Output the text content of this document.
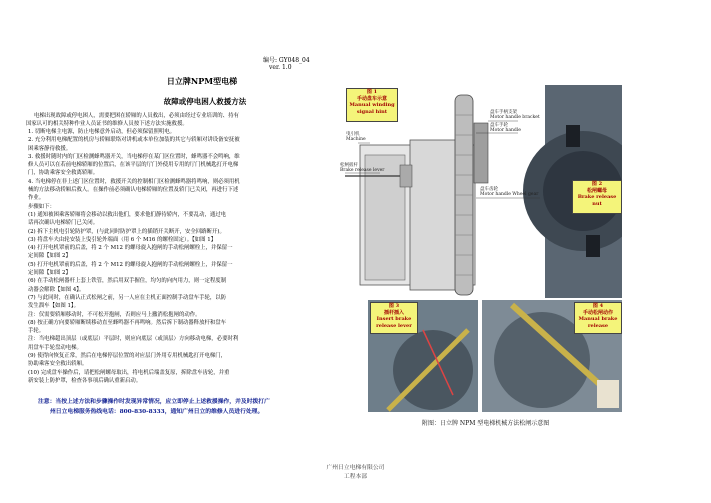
编号: GY048_04
ver. 1.0
日立牌NPM型电梯
故障或停电困人救援方法
电梯出现故障或停电困人，需要把困在轿厢的人员救出，必须由经过专业培训的、持有
国家认可的相关特种作业人员证书的维修人员按下述方法实施救援。
1. 切断电梯主电源，防止电梯意外启动，但必须保留照明电。
2. 充分利用电梯配置的机房与轿厢联络对讲机或本单位加装的其它与轿厢对讲设备安抚被
困乘客静待救援。
3. 救援时随时内的门区检测蜂鸣器开关，当电梯停在某门区位置时，蜂鸣器不会鸣响，维
修人员可以在若前电梯轿厢的位置后，在该平层的厅门外使用专用的厅门机械匙打开电梯
门，协助乘客安全救离轿厢。
4. 当电梯停在非上述门区位置时，救援开关的控制相门区检测蜂鸣器将鸣响，则必须用机
械的方法移动轿厢后救人。在操作前必须确认电梯轿厢的位置及轿门已关闭，再进行下述
作业。
步骤如下：
(1) 通知被困乘客轿厢将会移动以救出他们，要求他们静待轿内，不要乱动，通过电
话再次确认电梯轿门已关闭。
(2) 拆下主机电引轮防护罩，(与此同时防护罩上的插销开关断开，安全回路断开)。
(3) 将盘车夫由轮安装上曳引轮外端面（用 6 个 M16 的螺栓固定）。【如图 1】
(4) 打开电机罩前的后盖，将 2 个 M12 的螺母旋入抱闸的手动松闸螺栓上，并保留一
定间隙【如图 2】
(5) 打开电机罩前的后盖，将 2 个 M12 的螺母旋入抱闸的手动松闸螺栓上，并保留一
定间隙【如图 2】
(6) 在手动松闸器杆上套上铁管，然后用双手握住，均匀的向内用力，则一定程度制
动器会解除【如图 4】。
(7) 与此同时，在确认正式松闸之前，另一人应在主机正面控制手动盘车手轮，以防
发生溜车【如图 1】。
注：仅需要轿厢移动时，不可松开抱闸，否则应马上撤消松抱闸的动作。
(8) 按正确方向要轿厢断续移动直至蜂鸣器不再鸣响。然后拆下制动器释放杆和盘车
手轮。
注：当电梯超出顶层（或底层）平层时，则应向底层（或顶层）方向移动电梯，必要时利
用盘车手轮盘动电梯。
(9) 使得向恢复正常，然后在电梯停层位置的对应层门外用专用机械匙打开电梯门，
协助乘客安全救出轿厢。
(10) 完成盘车操作后，请把松闸螺母取出，将电机后端盖复原，拆除盘车齿轮，并重
新安装上防护罩，检查各事项后确认重新启动。
注意：当按上述方法和步骤操作时发现异常情况，应立即停止上述救援操作，并及时拨打广
州日立电梯服务热线电话：800-830-8333，通知广州日立的维修人员进行处理。
图 1
手动盘车示意
Manual winding
signal hint
图 2
松闸螺母
Brake release
nut
盘车手柄支架
Motor handle bracket
盘车手轮
Motor handle
曳引机
Machine
松闸扳杆
Brake release lever
盘车齿轮
Motor handle Wheel gear
图 3
插杆插入
Insert brake
release lever
图 4
手动松闸动作
Manual brake
release
附图：日立牌 NPM 型电梯机械方法松闸示意图
广州日立电梯有限公司
工程本部
